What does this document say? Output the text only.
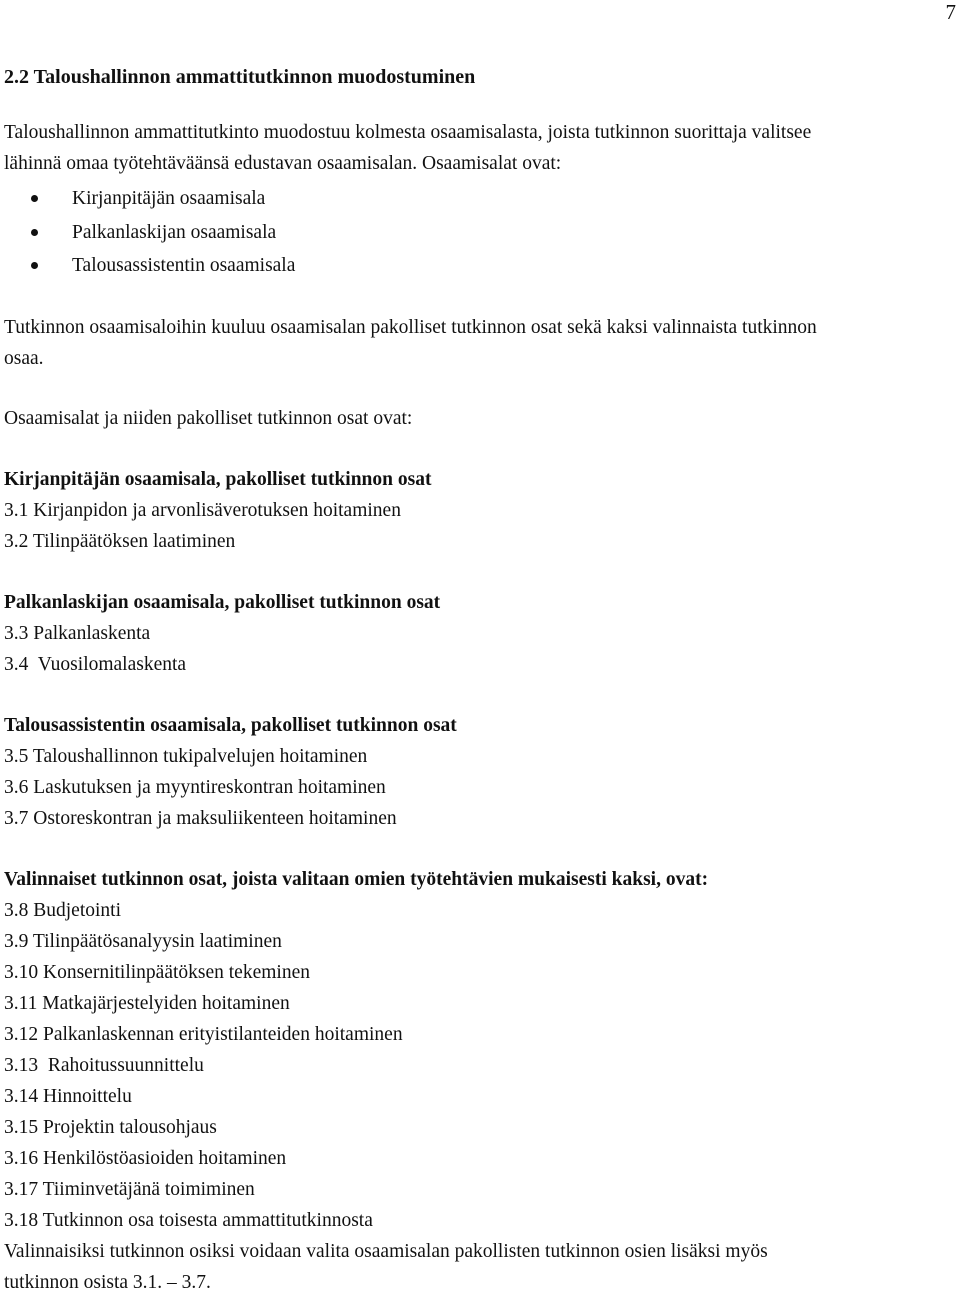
7
2.2 Taloushallinnon ammattitutkinnon muodostuminen

Taloushallinnon ammattitutkinto muodostuu kolmesta osaamisalasta, joista tutkinnon suorittaja valitsee

lähinnä omaa työtehtäväänsä edustavan osaamisalan. Osaamisalat ovat:

Kirjanpitäjän osaamisala
Palkanlaskijan osaamisala
Talousassistentin osaamisala

Tutkinnon osaamisaloihin kuuluu osaamisalan pakolliset tutkinnon osat sekä kaksi valinnaista tutkinnon

osaa.

Osaamisalat ja niiden pakolliset tutkinnon osat ovat:

Kirjanpitäjän osaamisala, pakolliset tutkinnon osat

3.1 Kirjanpidon ja arvonlisäverotuksen hoitaminen

3.2 Tilinpäätöksen laatiminen

Palkanlaskijan osaamisala, pakolliset tutkinnon osat

3.3 Palkanlaskenta

3.4  Vuosilomalaskenta

Talousassistentin osaamisala, pakolliset tutkinnon osat

3.5 Taloushallinnon tukipalvelujen hoitaminen

3.6 Laskutuksen ja myyntireskontran hoitaminen

3.7 Ostoreskontran ja maksuliikenteen hoitaminen

Valinnaiset tutkinnon osat, joista valitaan omien työtehtävien mukaisesti kaksi, ovat:

3.8 Budjetointi

3.9 Tilinpäätösanalyysin laatiminen

3.10 Konsernitilinpäätöksen tekeminen

3.11 Matkajärjestelyiden hoitaminen

3.12 Palkanlaskennan erityistilanteiden hoitaminen

3.13  Rahoitussuunnittelu

3.14 Hinnoittelu

3.15 Projektin talousohjaus

3.16 Henkilöstöasioiden hoitaminen

3.17 Tiiminvetäjänä toimiminen

3.18 Tutkinnon osa toisesta ammattitutkinnosta

Valinnaisiksi tutkinnon osiksi voidaan valita osaamisalan pakollisten tutkinnon osien lisäksi myös

tutkinnon osista 3.1. – 3.7.
